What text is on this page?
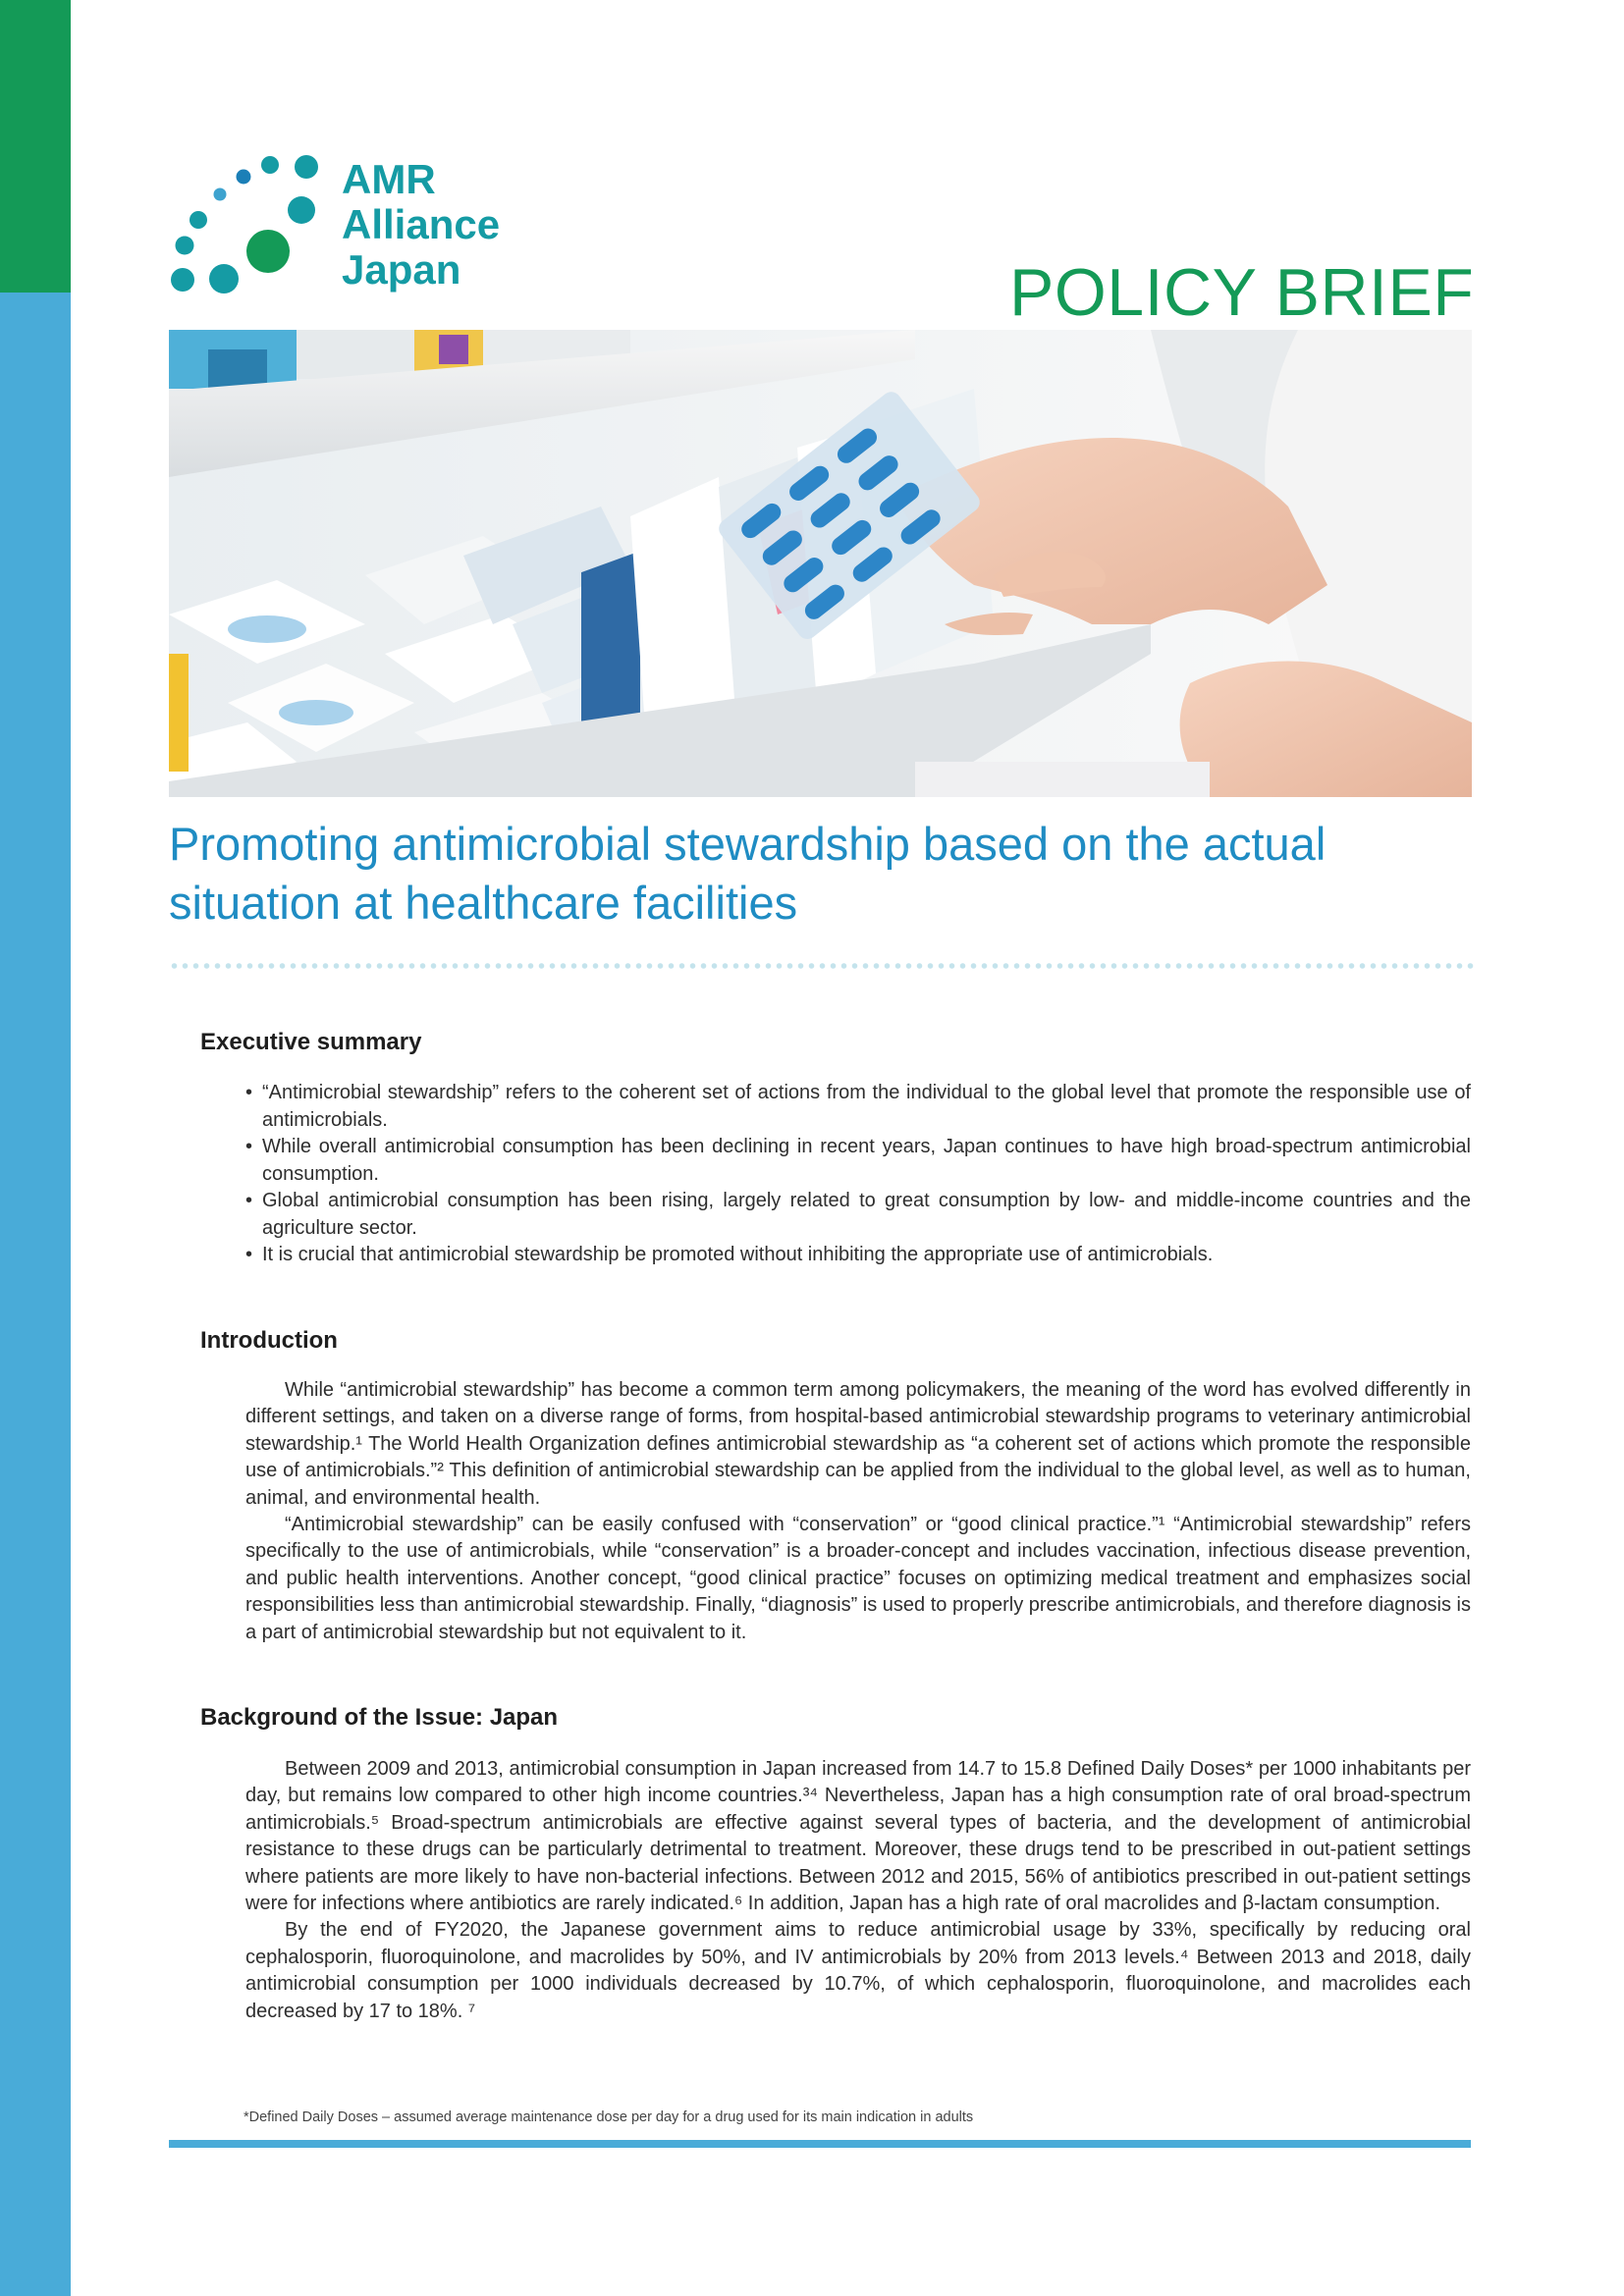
AMR
Alliance
Japan	POLICY BRIEF
Promoting antimicrobial stewardship based on the actual situation at healthcare facilities
Executive summary
• “Antimicrobial stewardship” refers to the coherent set of actions from the individual to the global level that promote the responsible use of antimicrobials.
• While overall antimicrobial consumption has been declining in recent years, Japan continues to have high broad-spectrum antimicrobial consumption.
• Global antimicrobial consumption has been rising, largely related to great consumption by low- and middle-income countries and the agriculture sector.
• It is crucial that antimicrobial stewardship be promoted without inhibiting the appropriate use of antimicrobials.
Introduction

While “antimicrobial stewardship” has become a common term among policymakers, the meaning of the word has evolved differently in different settings, and taken on a diverse range of forms, from hospital-based antimicrobial stewardship programs to veterinary antimicrobial stewardship.¹ The World Health Organization defines antimicrobial stewardship as “a coherent set of actions which promote the responsible use of antimicrobials.”² This definition of antimicrobial stewardship can be applied from the individual to the global level, as well as to human, animal, and environmental health.

“Antimicrobial stewardship” can be easily confused with “conservation” or “good clinical practice.”¹ “Antimicrobial stewardship” refers specifically to the use of antimicrobials, while “conservation” is a broader-concept and includes vaccination, infectious disease prevention, and public health interventions. Another concept, “good clinical practice” focuses on optimizing medical treatment and emphasizes social responsibilities less than antimicrobial stewardship. Finally, “diagnosis” is used to properly prescribe antimicrobials, and therefore diagnosis is a part of antimicrobial stewardship but not equivalent to it.

Background of the Issue: Japan

Between 2009 and 2013, antimicrobial consumption in Japan increased from 14.7 to 15.8 Defined Daily Doses* per 1000 inhabitants per day, but remains low compared to other high income countries.³⁴ Nevertheless, Japan has a high consumption rate of oral broad-spectrum antimicrobials.⁵ Broad-spectrum antimicrobials are effective against several types of bacteria, and the development of antimicrobial resistance to these drugs can be particularly detrimental to treatment. Moreover, these drugs tend to be prescribed in out-patient settings where patients are more likely to have non-bacterial infections. Between 2012 and 2015, 56% of antibiotics prescribed in out-patient settings were for infections where antibiotics are rarely indicated.⁶ In addition, Japan has a high rate of oral macrolides and β-lactam consumption.

By the end of FY2020, the Japanese government aims to reduce antimicrobial usage by 33%, specifically by reducing oral cephalosporin, fluoroquinolone, and macrolides by 50%, and IV antimicrobials by 20% from 2013 levels.⁴ Between 2013 and 2018, daily antimicrobial consumption per 1000 individuals decreased by 10.7%, of which cephalosporin, fluoroquinolone, and macrolides each decreased by 17 to 18%. ⁷

*Defined Daily Doses – assumed average maintenance dose per day for a drug used for its main indication in adults
